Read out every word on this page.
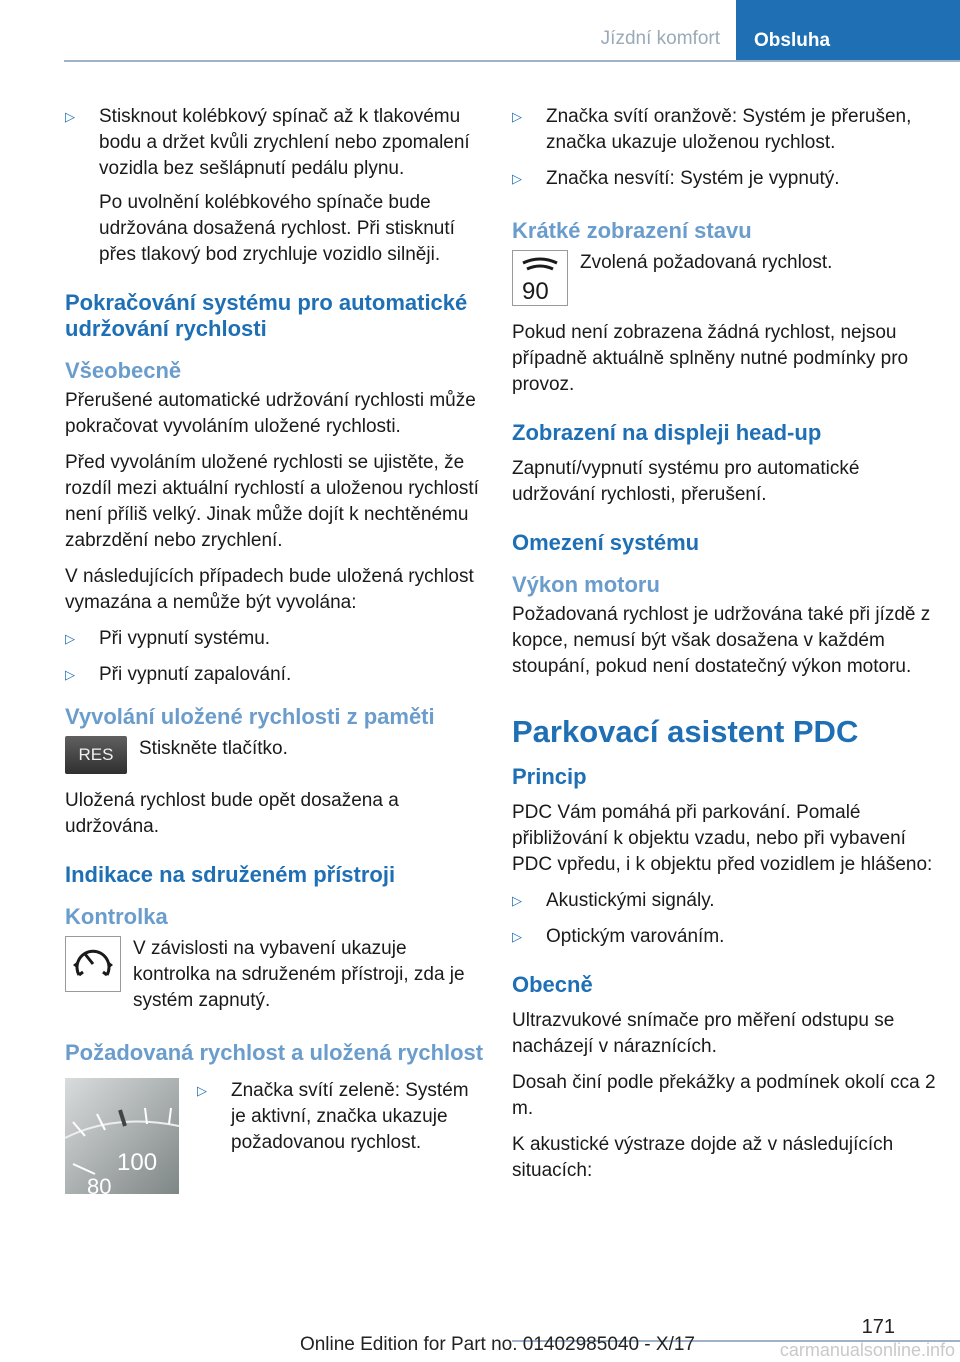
Jízdní komfort	Obsluha
▷ Stisknout kolébkový spínač až k tlakovému bodu a držet kvůli zrychlení nebo zpomalení vozidla bez sešlápnutí pedálu plynu.
Po uvolnění kolébkového spínače bude udržována dosažená rychlost. Při stisknutí přes tlakový bod zrychluje vozidlo silněji.
Pokračování systému pro automatické udržování rychlosti
Všeobecně

Přerušené automatické udržování rychlosti může pokračovat vyvoláním uložené rychlosti.

Před vyvoláním uložené rychlosti se ujistěte, že rozdíl mezi aktuální rychlostí a uloženou rychlostí není příliš velký. Jinak může dojít k nechtěnému zabrzdění nebo zrychlení.

V následujících případech bude uložená rychlost vymazána a nemůže být vyvolána:

▷ Při vypnutí systému.
▷ Při vypnutí zapalování.
Vyvolání uložené rychlosti z paměti
RES	Stiskněte tlačítko.

Uložená rychlost bude opět dosažena a udržována.

Indikace na sdruženém přístroji
Kontrolka
V závislosti na vybavení ukazuje kontrolka na sdruženém přístroji, zda je systém zapnutý.
Požadovaná rychlost a uložená rychlost
100
80
▷ Značka svítí zeleně: Systém je aktivní, značka ukazuje požadovanou rychlost.
▷ Značka svítí oranžově: Systém je přerušen, značka ukazuje uloženou rychlost.
▷ Značka nesvítí: Systém je vypnutý.
Krátké zobrazení stavu
90
Zvolená požadovaná rychlost.

Pokud není zobrazena žádná rychlost, nejsou případně aktuálně splněny nutné podmínky pro provoz.

Zobrazení na displeji head-up

Zapnutí/vypnutí systému pro automatické udržování rychlosti, přerušení.

Omezení systému
Výkon motoru

Požadovaná rychlost je udržována také při jízdě z kopce, nemusí být však dosažena v každém stoupání, pokud není dostatečný výkon motoru.

Parkovací asistent PDC
Princip

PDC Vám pomáhá při parkování. Pomalé přibližování k objektu vzadu, nebo při vybavení PDC vpředu, i k objektu před vozidlem je hlášeno:

▷ Akustickými signály.
▷ Optickým varováním.
Obecně

Ultrazvukové snímače pro měření odstupu se nacházejí v náraznících.

Dosah činí podle překážky a podmínek okolí cca 2 m.

K akustické výstraze dojde až v následujících situacích:

171
Online Edition for Part no. 01402985040 - X/17	carmanualsonline.info
